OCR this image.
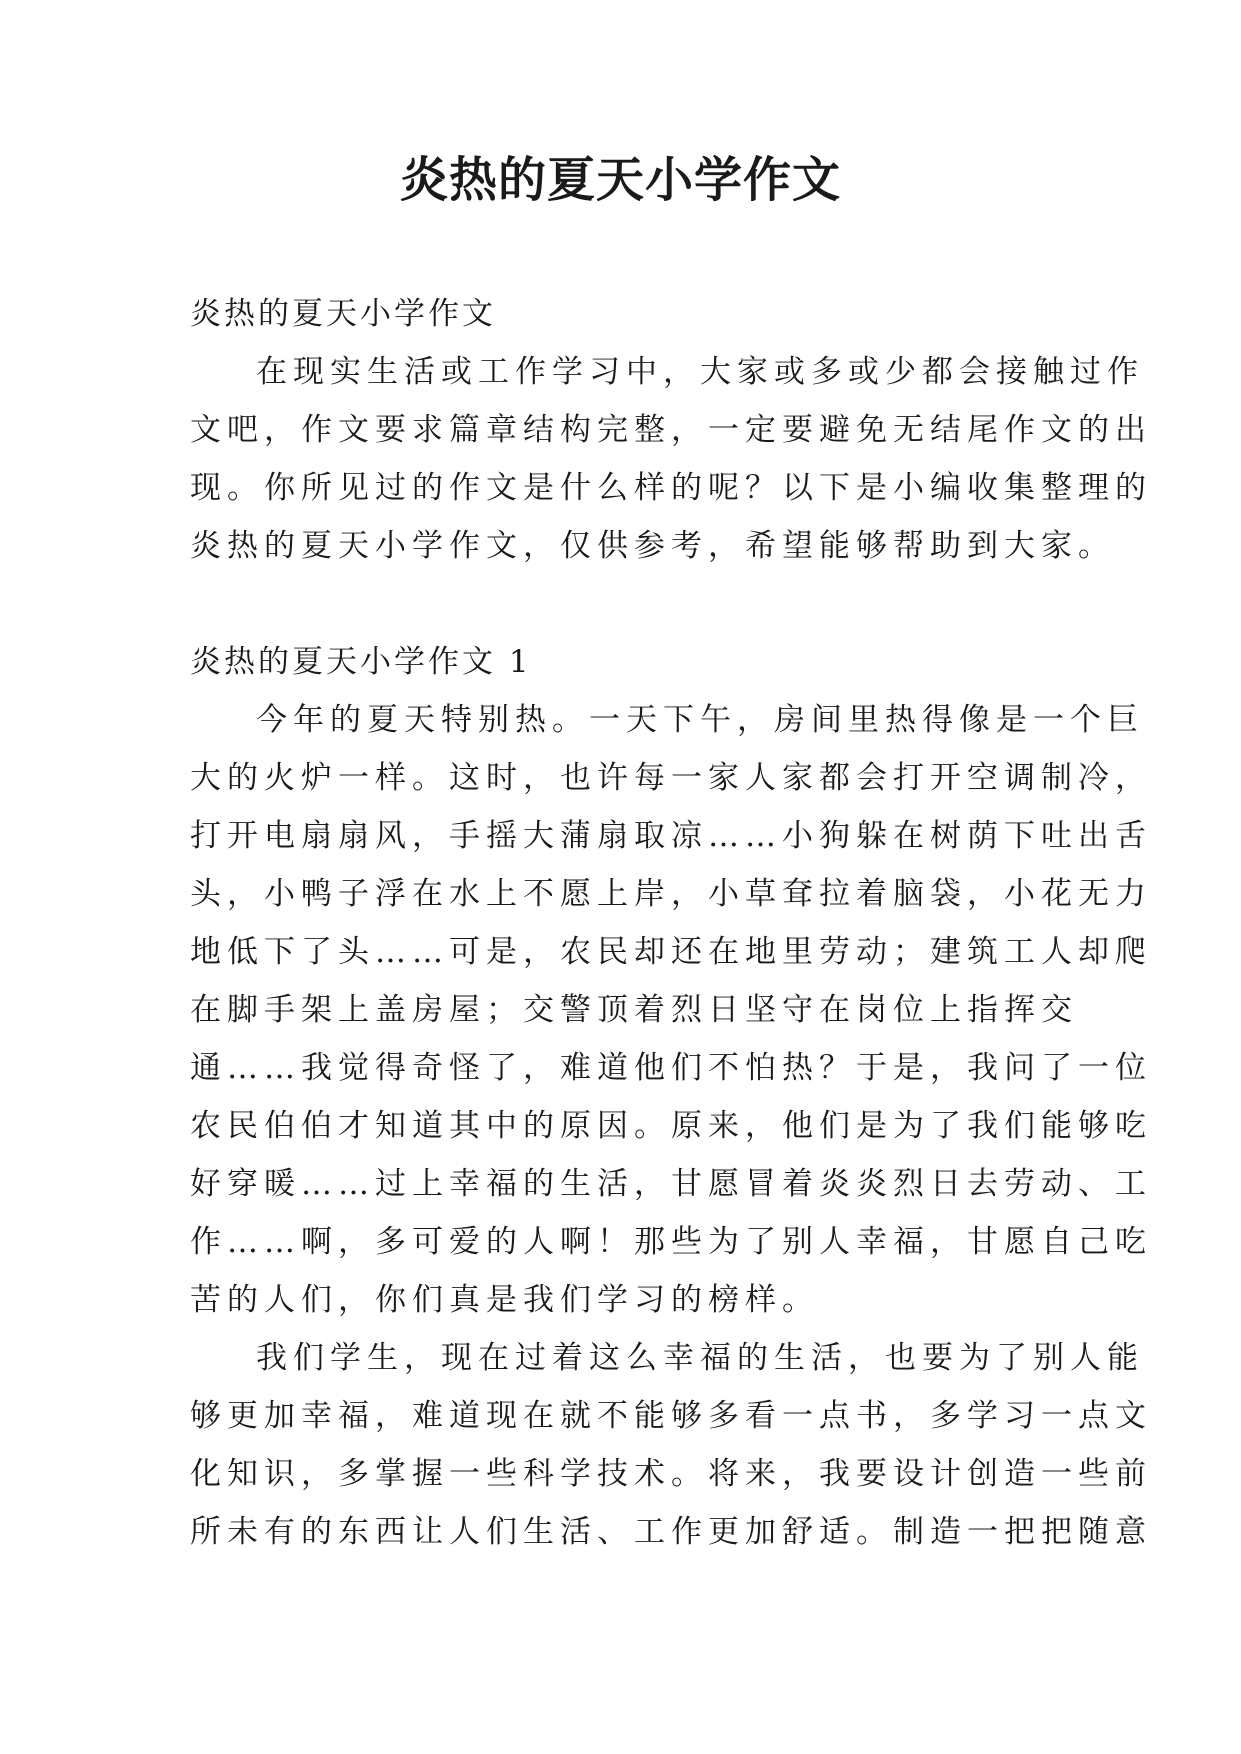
炎热的夏天小学作文

炎热的夏天小学作文

在现实生活或工作学习中，大家或多或少都会接触过作

文吧，作文要求篇章结构完整，一定要避免无结尾作文的出

现。你所见过的作文是什么样的呢？以下是小编收集整理的

炎热的夏天小学作文，仅供参考，希望能够帮助到大家。

炎热的夏天小学作文 1

今年的夏天特别热。一天下午，房间里热得像是一个巨

大的火炉一样。这时，也许每一家人家都会打开空调制冷，

打开电扇扇风，手摇大蒲扇取凉……小狗躲在树荫下吐出舌

头，小鸭子浮在水上不愿上岸，小草耷拉着脑袋，小花无力

地低下了头……可是，农民却还在地里劳动；建筑工人却爬

在脚手架上盖房屋；交警顶着烈日坚守在岗位上指挥交

通……我觉得奇怪了，难道他们不怕热？于是，我问了一位

农民伯伯才知道其中的原因。原来，他们是为了我们能够吃

好穿暖……过上幸福的生活，甘愿冒着炎炎烈日去劳动、工

作……啊，多可爱的人啊！那些为了别人幸福，甘愿自己吃

苦的人们，你们真是我们学习的榜样。

我们学生，现在过着这么幸福的生活，也要为了别人能

够更加幸福，难道现在就不能够多看一点书，多学习一点文

化知识，多掌握一些科学技术。将来，我要设计创造一些前

所未有的东西让人们生活、工作更加舒适。制造一把把随意
